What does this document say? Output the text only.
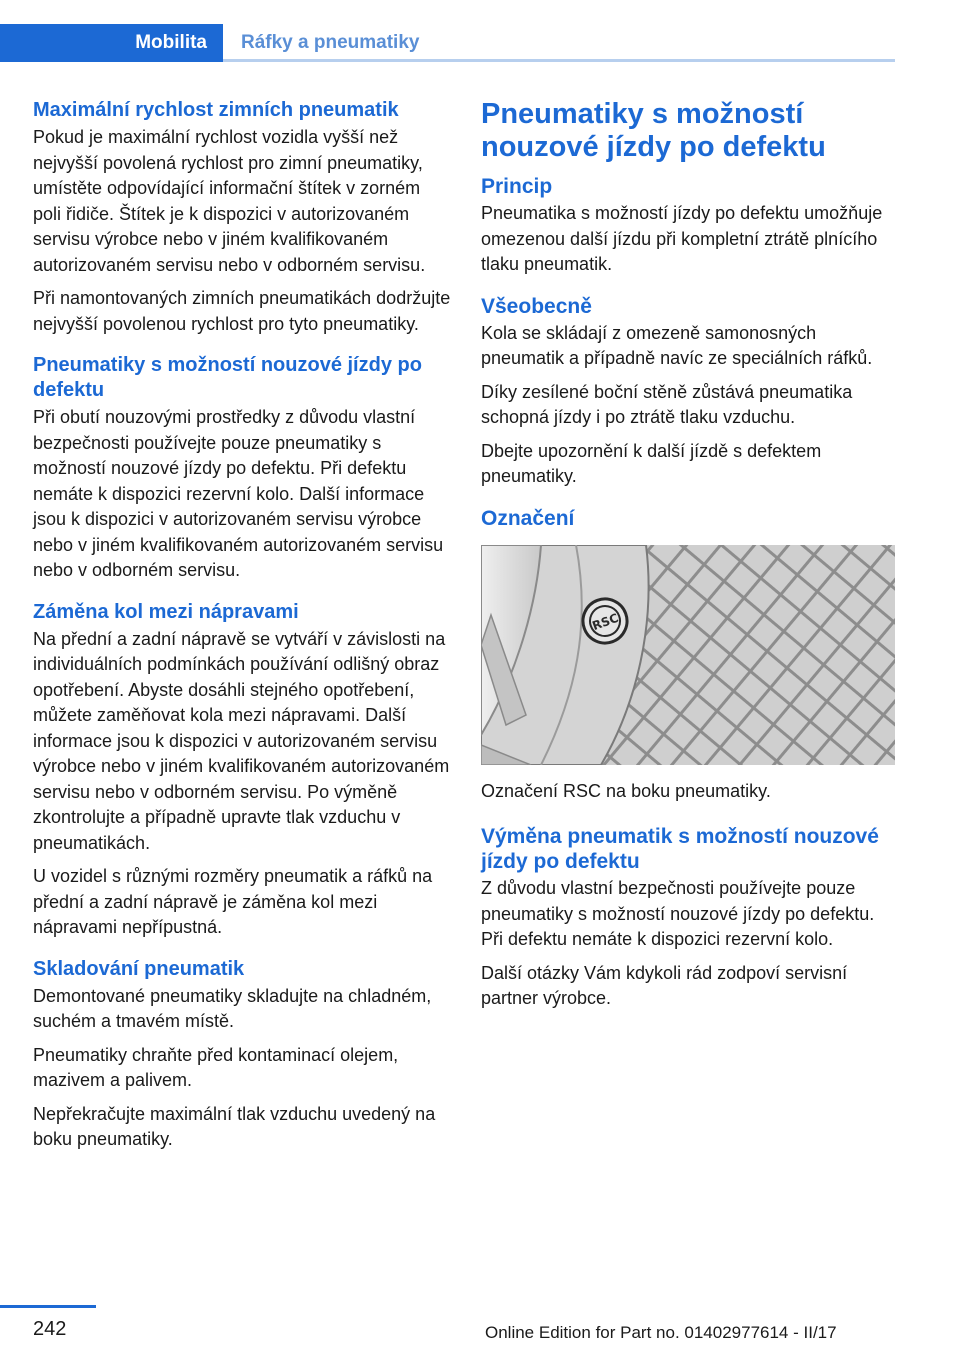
Mobilita	Ráfky a pneumatiky
Maximální rychlost zimních pneumatik

Pokud je maximální rychlost vozidla vyšší než nejvyšší povolená rychlost pro zimní pneumatiky, umístěte odpovídající informační štítek v zorném poli řidiče. Štítek je k dispozici v autorizovaném servisu výrobce nebo v jiném kvalifikovaném autorizovaném servisu nebo v odborném servisu.

Při namontovaných zimních pneumatikách dodržujte nejvyšší povolenou rychlost pro tyto pneumatiky.

Pneumatiky s možností nouzové jízdy po defektu

Při obutí nouzovými prostředky z důvodu vlastní bezpečnosti používejte pouze pneumatiky s možností nouzové jízdy po defektu. Při defektu nemáte k dispozici rezervní kolo. Další informace jsou k dispozici v autorizovaném servisu výrobce nebo v jiném kvalifikovaném autorizovaném servisu nebo v odborném servisu.

Záměna kol mezi nápravami

Na přední a zadní nápravě se vytváří v závislosti na individuálních podmínkách používání odlišný obraz opotřebení. Abyste dosáhli stejného opotřebení, můžete zaměňovat kola mezi nápravami. Další informace jsou k dispozici v autorizovaném servisu výrobce nebo v jiném kvalifikovaném autorizovaném servisu nebo v odborném servisu. Po výměně zkontrolujte a případně upravte tlak vzduchu v pneumatikách.

U vozidel s různými rozměry pneumatik a ráfků na přední a zadní nápravě je záměna kol mezi nápravami nepřípustná.

Skladování pneumatik

Demontované pneumatiky skladujte na chladném, suchém a tmavém místě.

Pneumatiky chraňte před kontaminací olejem, mazivem a palivem.

Nepřekračujte maximální tlak vzduchu uvedený na boku pneumatiky.

Pneumatiky s možností nouzové jízdy po defektu
Princip

Pneumatika s možností jízdy po defektu umožňuje omezenou další jízdu při kompletní ztrátě plnícího tlaku pneumatik.

Všeobecně

Kola se skládají z omezeně samonosných pneumatik a případně navíc ze speciálních ráfků.

Díky zesílené boční stěně zůstává pneumatika schopná jízdy i po ztrátě tlaku vzduchu.

Dbejte upozornění k další jízdě s defektem pneumatiky.

Označení
RSC

Označení RSC na boku pneumatiky.

Výměna pneumatik s možností nouzové jízdy po defektu

Z důvodu vlastní bezpečnosti používejte pouze pneumatiky s možností nouzové jízdy po defektu. Při defektu nemáte k dispozici rezervní kolo.

Další otázky Vám kdykoli rád zodpoví servisní partner výrobce.

242	Online Edition for Part no. 01402977614 - II/17
